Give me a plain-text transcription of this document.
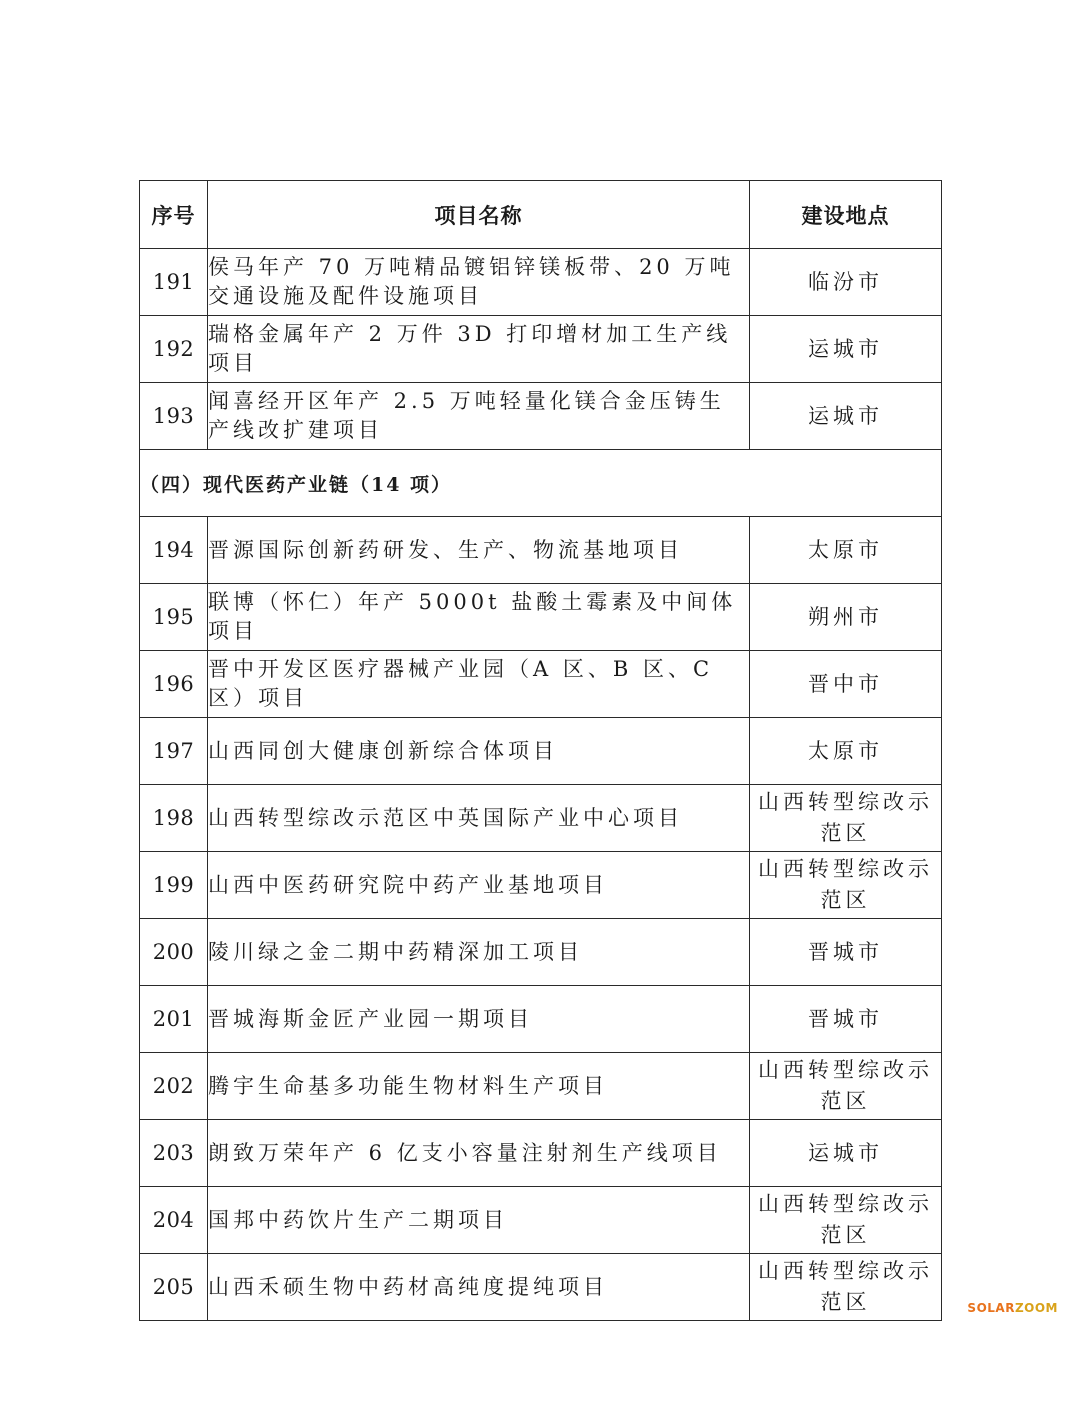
序号	项目名称	建设地点
191	侯马年产 70 万吨精品镀铝锌镁板带、20 万吨交通设施及配件设施项目	临汾市
192	瑞格金属年产 2 万件 3D 打印增材加工生产线项目	运城市
193	闻喜经开区年产 2.5 万吨轻量化镁合金压铸生产线改扩建项目	运城市
（四）现代医药产业链（14 项）		
194	晋源国际创新药研发、生产、物流基地项目	太原市
195	联博（怀仁）年产 5000t 盐酸土霉素及中间体项目	朔州市
196	晋中开发区医疗器械产业园（A 区、B 区、C 区）项目	晋中市
197	山西同创大健康创新综合体项目	太原市
198	山西转型综改示范区中英国际产业中心项目	山西转型综改示范区
199	山西中医药研究院中药产业基地项目	山西转型综改示范区
200	陵川绿之金二期中药精深加工项目	晋城市
201	晋城海斯金匠产业园一期项目	晋城市
202	腾宇生命基多功能生物材料生产项目	山西转型综改示范区
203	朗致万荣年产 6 亿支小容量注射剂生产线项目	运城市
204	国邦中药饮片生产二期项目	山西转型综改示范区
205	山西禾硕生物中药材高纯度提纯项目	山西转型综改示范区	SOLARZOOM
